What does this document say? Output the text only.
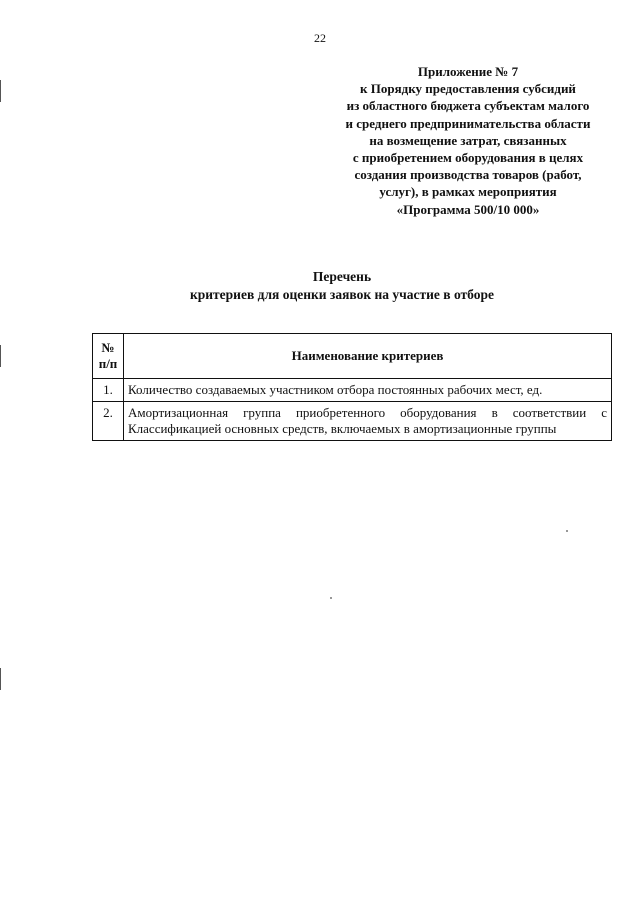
22
Приложение № 7
к Порядку предоставления субсидий
из областного бюджета субъектам малого
и среднего предпринимательства области
на возмещение затрат, связанных
с приобретением оборудования в целях
создания производства товаров (работ,
услуг), в рамках мероприятия
«Программа 500/10 000»
Перечень
критериев для оценки заявок на участие в отборе
№ п/п	Наименование критериев
1.	Количество создаваемых участником отбора постоянных рабочих мест, ед.
2.	Амортизационная группа приобретенного оборудования в соответствии с Классификацией основных средств, включаемых в амортизационные группы
